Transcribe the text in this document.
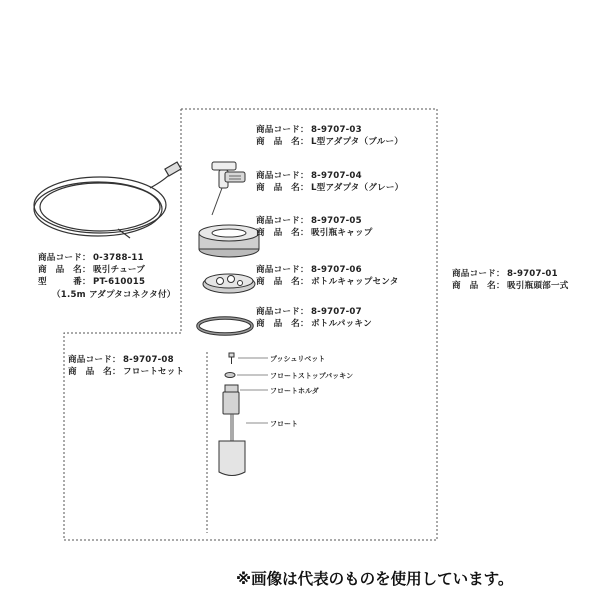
商品コード： 0-3788-11
商　品　名： 吸引チューブ
型　　　番： PT-610015
（1.5m アダプタコネクタ付）
商品コード： 8-9707-03
商　品　名： L型アダプタ（ブルー）
商品コード： 8-9707-04
商　品　名： L型アダプタ（グレー）
商品コード： 8-9707-05
商　品　名： 吸引瓶キャップ
商品コード： 8-9707-06
商　品　名： ボトルキャップセンタ
商品コード： 8-9707-07
商　品　名： ボトルパッキン
商品コード： 8-9707-08
商　品　名： フロートセット
プッシュリベット
フロートストップパッキン
フロートホルダ
フロート
商品コード： 8-9707-01
商　品　名： 吸引瓶頭部一式
※画像は代表のものを使用しています。
